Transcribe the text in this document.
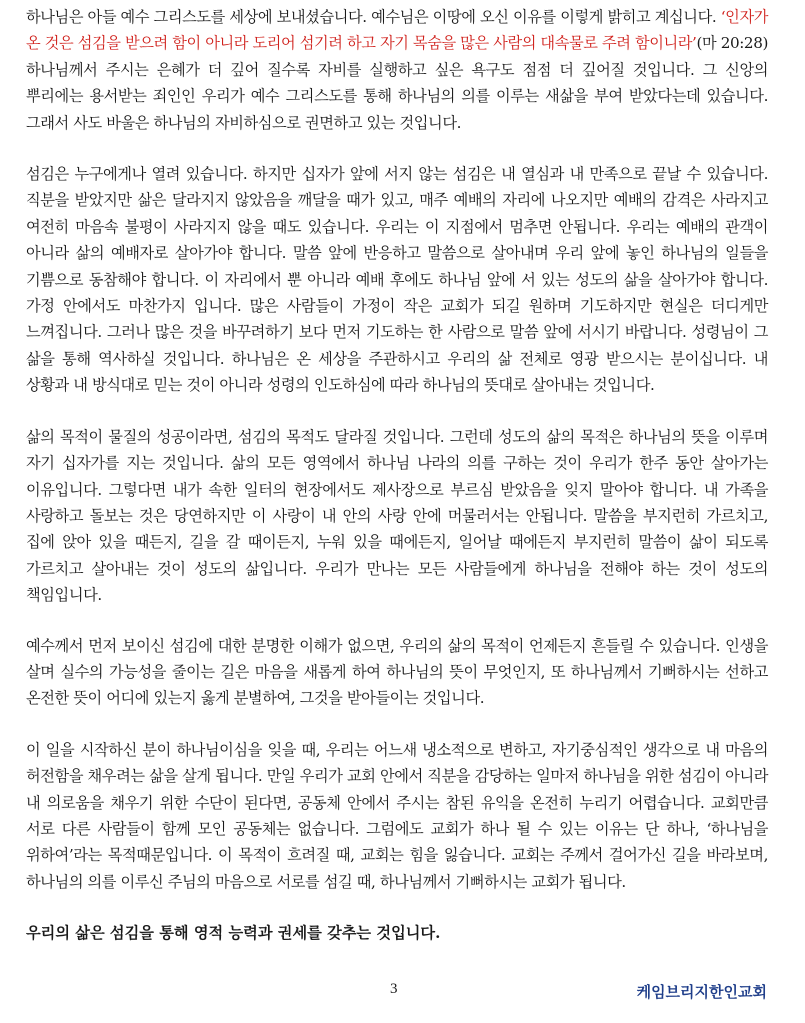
하나님은 아들 예수 그리스도를 세상에 보내셨습니다. 예수님은 이땅에 오신 이유를 이렇게 밝히고 계십니다. ‘인자가 온 것은 섬김을 받으려 함이 아니라 도리어 섬기려 하고 자기 목숨을 많은 사람의 대속물로 주려 함이니라’(마 20:28) 하나님께서 주시는 은혜가 더 깊어 질수록 자비를 실행하고 싶은 욕구도 점점 더 깊어질 것입니다. 그 신앙의 뿌리에는 용서받는 죄인인 우리가 예수 그리스도를 통해 하나님의 의를 이루는 새삶을 부여 받았다는데 있습니다. 그래서 사도 바울은 하나님의 자비하심으로 권면하고 있는 것입니다.

섬김은 누구에게나 열려 있습니다. 하지만 십자가 앞에 서지 않는 섬김은 내 열심과 내 만족으로 끝날 수 있습니다. 직분을 받았지만 삶은 달라지지 않았음을 깨달을 때가 있고, 매주 예배의 자리에 나오지만 예배의 감격은 사라지고 여전히 마음속 불평이 사라지지 않을 때도 있습니다. 우리는 이 지점에서 멈추면 안됩니다. 우리는 예배의 관객이 아니라 삶의 예배자로 살아가야 합니다. 말씀 앞에 반응하고 말씀으로 살아내며 우리 앞에 놓인 하나님의 일들을 기쁨으로 동참해야 합니다. 이 자리에서 뿐 아니라 예배 후에도 하나님 앞에 서 있는 성도의 삶을 살아가야 합니다. 가정 안에서도 마찬가지 입니다. 많은 사람들이 가정이 작은 교회가 되길 원하며 기도하지만 현실은 더디게만 느껴집니다. 그러나 많은 것을 바꾸려하기 보다 먼저 기도하는 한 사람으로 말씀 앞에 서시기 바랍니다. 성령님이 그 삶을 통해 역사하실 것입니다. 하나님은 온 세상을 주관하시고 우리의 삶 전체로 영광 받으시는 분이십니다. 내 상황과 내 방식대로 믿는 것이 아니라 성령의 인도하심에 따라 하나님의 뜻대로 살아내는 것입니다.

삶의 목적이 물질의 성공이라면, 섬김의 목적도 달라질 것입니다. 그런데 성도의 삶의 목적은 하나님의 뜻을 이루며 자기 십자가를 지는 것입니다. 삶의 모든 영역에서 하나님 나라의 의를 구하는 것이 우리가 한주 동안 살아가는 이유입니다. 그렇다면 내가 속한 일터의 현장에서도 제사장으로 부르심 받았음을 잊지 말아야 합니다. 내 가족을 사랑하고 돌보는 것은 당연하지만 이 사랑이 내 안의 사랑 안에 머물러서는 안됩니다. 말씀을 부지런히 가르치고, 집에 앉아 있을 때든지, 길을 갈 때이든지, 누워 있을 때에든지, 일어날 때에든지 부지런히 말씀이 삶이 되도록 가르치고 살아내는 것이 성도의 삶입니다. 우리가 만나는 모든 사람들에게 하나님을 전해야 하는 것이 성도의 책임입니다.

예수께서 먼저 보이신 섬김에 대한 분명한 이해가 없으면, 우리의 삶의 목적이 언제든지 흔들릴 수 있습니다. 인생을 살며 실수의 가능성을 줄이는 길은 마음을 새롭게 하여 하나님의 뜻이 무엇인지, 또 하나님께서 기뻐하시는 선하고 온전한 뜻이 어디에 있는지 옳게 분별하여, 그것을 받아들이는 것입니다.

이 일을 시작하신 분이 하나님이심을 잊을 때, 우리는 어느새 냉소적으로 변하고, 자기중심적인 생각으로 내 마음의 허전함을 채우려는 삶을 살게 됩니다. 만일 우리가 교회 안에서 직분을 감당하는 일마저 하나님을 위한 섬김이 아니라 내 의로움을 채우기 위한 수단이 된다면, 공동체 안에서 주시는 참된 유익을 온전히 누리기 어렵습니다. 교회만큼 서로 다른 사람들이 함께 모인 공동체는 없습니다. 그럼에도 교회가 하나 될 수 있는 이유는 단 하나, ‘하나님을 위하여’라는 목적때문입니다. 이 목적이 흐려질 때, 교회는 힘을 잃습니다. 교회는 주께서 걸어가신 길을 바라보며, 하나님의 의를 이루신 주님의 마음으로 서로를 섬길 때, 하나님께서 기뻐하시는 교회가 됩니다.

우리의 삶은 섬김을 통해 영적 능력과 권세를 갖추는 것입니다.

3	케임브리지한인교회
